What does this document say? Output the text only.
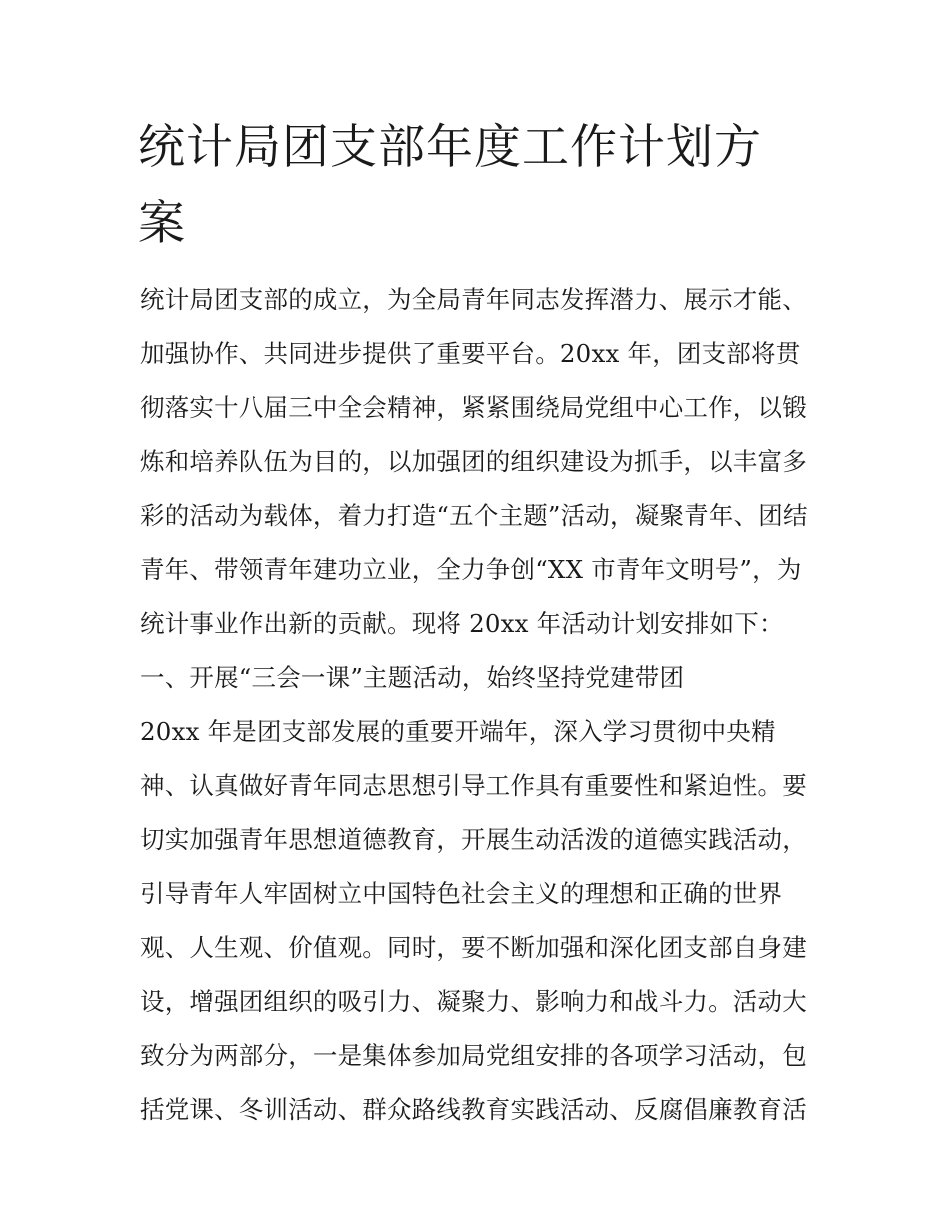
统计局团支部年度工作计划方
案
统计局团支部的成立，为全局青年同志发挥潜力、展示才能、
加强协作、共同进步提供了重要平台。20xx 年，团支部将贯
彻落实十八届三中全会精神，紧紧围绕局党组中心工作，以锻
炼和培养队伍为目的，以加强团的组织建设为抓手，以丰富多
彩的活动为载体，着力打造“五个主题”活动，凝聚青年、团结
青年、带领青年建功立业，全力争创“XX 市青年文明号”，为
统计事业作出新的贡献。现将 20xx 年活动计划安排如下：
一、开展“三会一课”主题活动，始终坚持党建带团
20xx 年是团支部发展的重要开端年，深入学习贯彻中央精
神、认真做好青年同志思想引导工作具有重要性和紧迫性。要
切实加强青年思想道德教育，开展生动活泼的道德实践活动，
引导青年人牢固树立中国特色社会主义的理想和正确的世界
观、人生观、价值观。同时，要不断加强和深化团支部自身建
设，增强团组织的吸引力、凝聚力、影响力和战斗力。活动大
致分为两部分，一是集体参加局党组安排的各项学习活动，包
括党课、冬训活动、群众路线教育实践活动、反腐倡廉教育活
